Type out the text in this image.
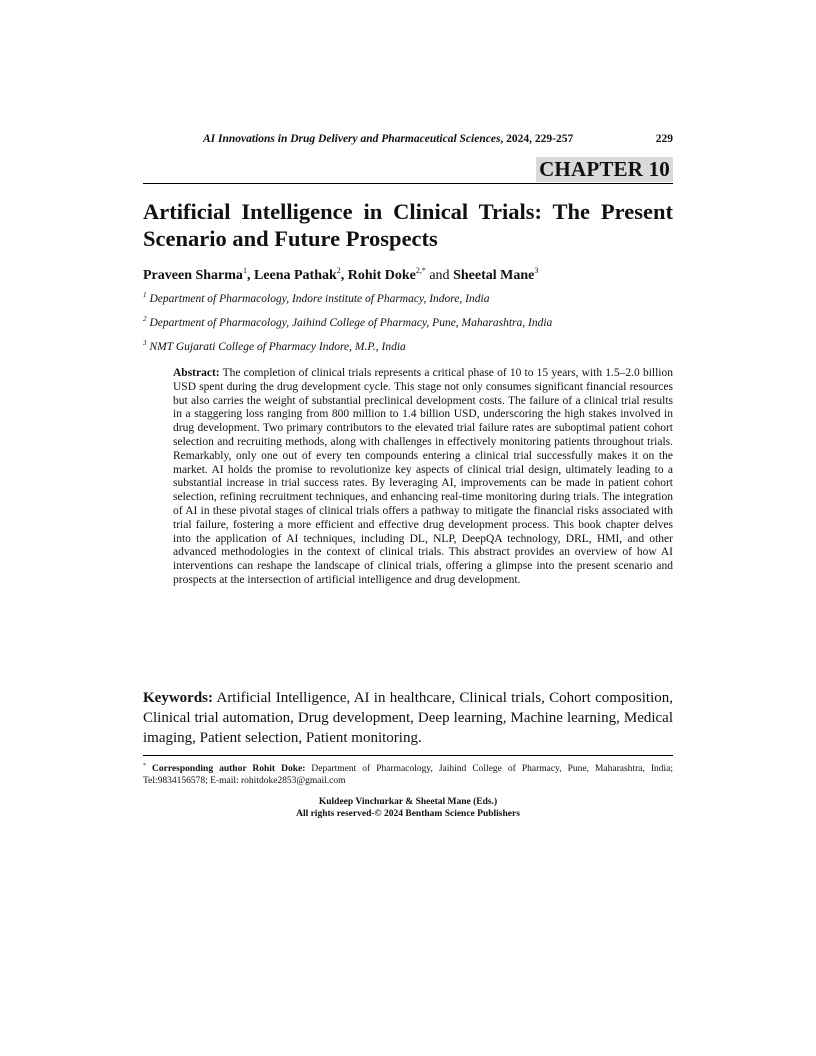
AI Innovations in Drug Delivery and Pharmaceutical Sciences, 2024, 229-257	229
CHAPTER 10
Artificial Intelligence in Clinical Trials: The Present Scenario and Future Prospects
Praveen Sharma$^1$, Leena Pathak$^2$, Rohit Doke$^{2,*}$ and Sheetal Mane$^3$
$^1$ Department of Pharmacology, Indore institute of Pharmacy, Indore, India
$^2$ Department of Pharmacology, Jaihind College of Pharmacy, Pune, Maharashtra, India
$^3$ NMT Gujarati College of Pharmacy Indore, M.P., India

Abstract: The completion of clinical trials represents a critical phase of 10 to 15 years, with 1.5–2.0 billion USD spent during the drug development cycle. This stage not only consumes significant financial resources but also carries the weight of substantial preclinical development costs. The failure of a clinical trial results in a staggering loss ranging from 800 million to 1.4 billion USD, underscoring the high stakes involved in drug development. Two primary contributors to the elevated trial failure rates are suboptimal patient cohort selection and recruiting methods, along with challenges in effectively monitoring patients throughout trials. Remarkably, only one out of every ten compounds entering a clinical trial successfully makes it on the market. AI holds the promise to revolutionize key aspects of clinical trial design, ultimately leading to a substantial increase in trial success rates. By leveraging AI, improvements can be made in patient cohort selection, refining recruitment techniques, and enhancing real-time monitoring during trials. The integration of AI in these pivotal stages of clinical trials offers a pathway to mitigate the financial risks associated with trial failure, fostering a more efficient and effective drug development process. This book chapter delves into the application of AI techniques, including DL, NLP, DeepQA technology, DRL, HMI, and other advanced methodologies in the context of clinical trials. This abstract provides an overview of how AI interventions can reshape the landscape of clinical trials, offering a glimpse into the present scenario and prospects at the intersection of artificial intelligence and drug development.

Keywords: Artificial Intelligence, AI in healthcare, Clinical trials, Cohort composition, Clinical trial automation, Drug development, Deep learning, Machine learning, Medical imaging, Patient selection, Patient monitoring.

* Corresponding author Rohit Doke: Department of Pharmacology, Jaihind College of Pharmacy, Pune, Maharashtra, India; Tel:9834156578; E-mail: rohitdoke2853@gmail.com

Kuldeep Vinchurkar & Sheetal Mane (Eds.)
All rights reserved-© 2024 Bentham Science Publishers
